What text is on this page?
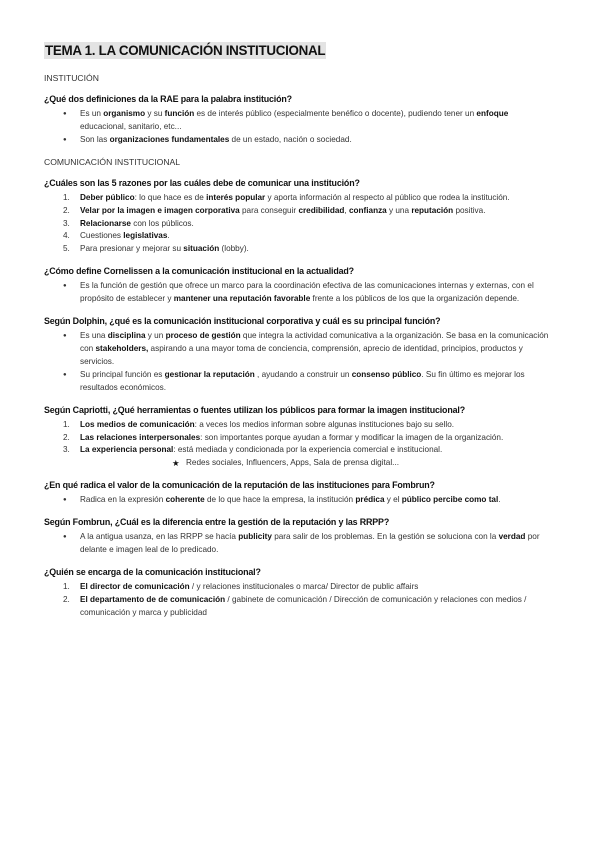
TEMA 1. LA COMUNICACIÓN INSTITUCIONAL
INSTITUCIÓN
¿Qué dos definiciones da la RAE para la palabra institución?
● Es un organismo y su función es de interés público (especialmente benéfico o docente), pudiendo tener un enfoque educacional, sanitario, etc...
● Son las organizaciones fundamentales de un estado, nación o sociedad.
COMUNICACIÓN INSTITUCIONAL
¿Cuáles son las 5 razones por las cuáles debe de comunicar una institución?
1. Deber público: lo que hace es de interés popular y aporta información al respecto al público que rodea la institución.
2. Velar por la imagen e imagen corporativa para conseguir credibilidad, confianza y una reputación positiva.
3. Relacionarse con los públicos.
4. Cuestiones legislativas.
5. Para presionar y mejorar su situación (lobby).
¿Cómo define Cornelissen a la comunicación institucional en la actualidad?
● Es la función de gestión que ofrece un marco para la coordinación efectiva de las comunicaciones internas y externas, con el propósito de establecer y mantener una reputación favorable frente a los públicos de los que la organización depende.
Según Dolphin, ¿qué es la comunicación institucional corporativa y cuál es su principal función?
● Es una disciplina y un proceso de gestión que integra la actividad comunicativa a la organización. Se basa en la comunicación con stakeholders, aspirando a una mayor toma de conciencia, comprensión, aprecio de identidad, principios, productos y servicios.
● Su principal función es gestionar la reputación , ayudando a construir un consenso público. Su fin último es mejorar los resultados económicos.
Según Capriotti, ¿Qué herramientas o fuentes utilizan los públicos para formar la imagen institucional?
1. Los medios de comunicación: a veces los medios informan sobre algunas instituciones bajo su sello.
2. Las relaciones interpersonales: son importantes porque ayudan a formar y modificar la imagen de la organización.
3. La experiencia personal: está mediada y condicionada por la experiencia comercial e institucional.
★ Redes sociales, Influencers, Apps, Sala de prensa digital...
¿En qué radica el valor de la comunicación de la reputación de las instituciones para Fombrun?
● Radica en la expresión coherente de lo que hace la empresa, la institución prédica y el público percibe como tal.
Según Fombrun, ¿Cuál es la diferencia entre la gestión de la reputación y las RRPP?
● A la antigua usanza, en las RRPP se hacía publicity para salir de los problemas. En la gestión se soluciona con la verdad por delante e imagen leal de lo predicado.
¿Quién se encarga de la comunicación institucional?
1. El director de comunicación / y relaciones institucionales o marca/ Director de public affairs
2. El departamento de de comunicación / gabinete de comunicación / Dirección de comunicación y relaciones con medios / comunicación y marca y publicidad
